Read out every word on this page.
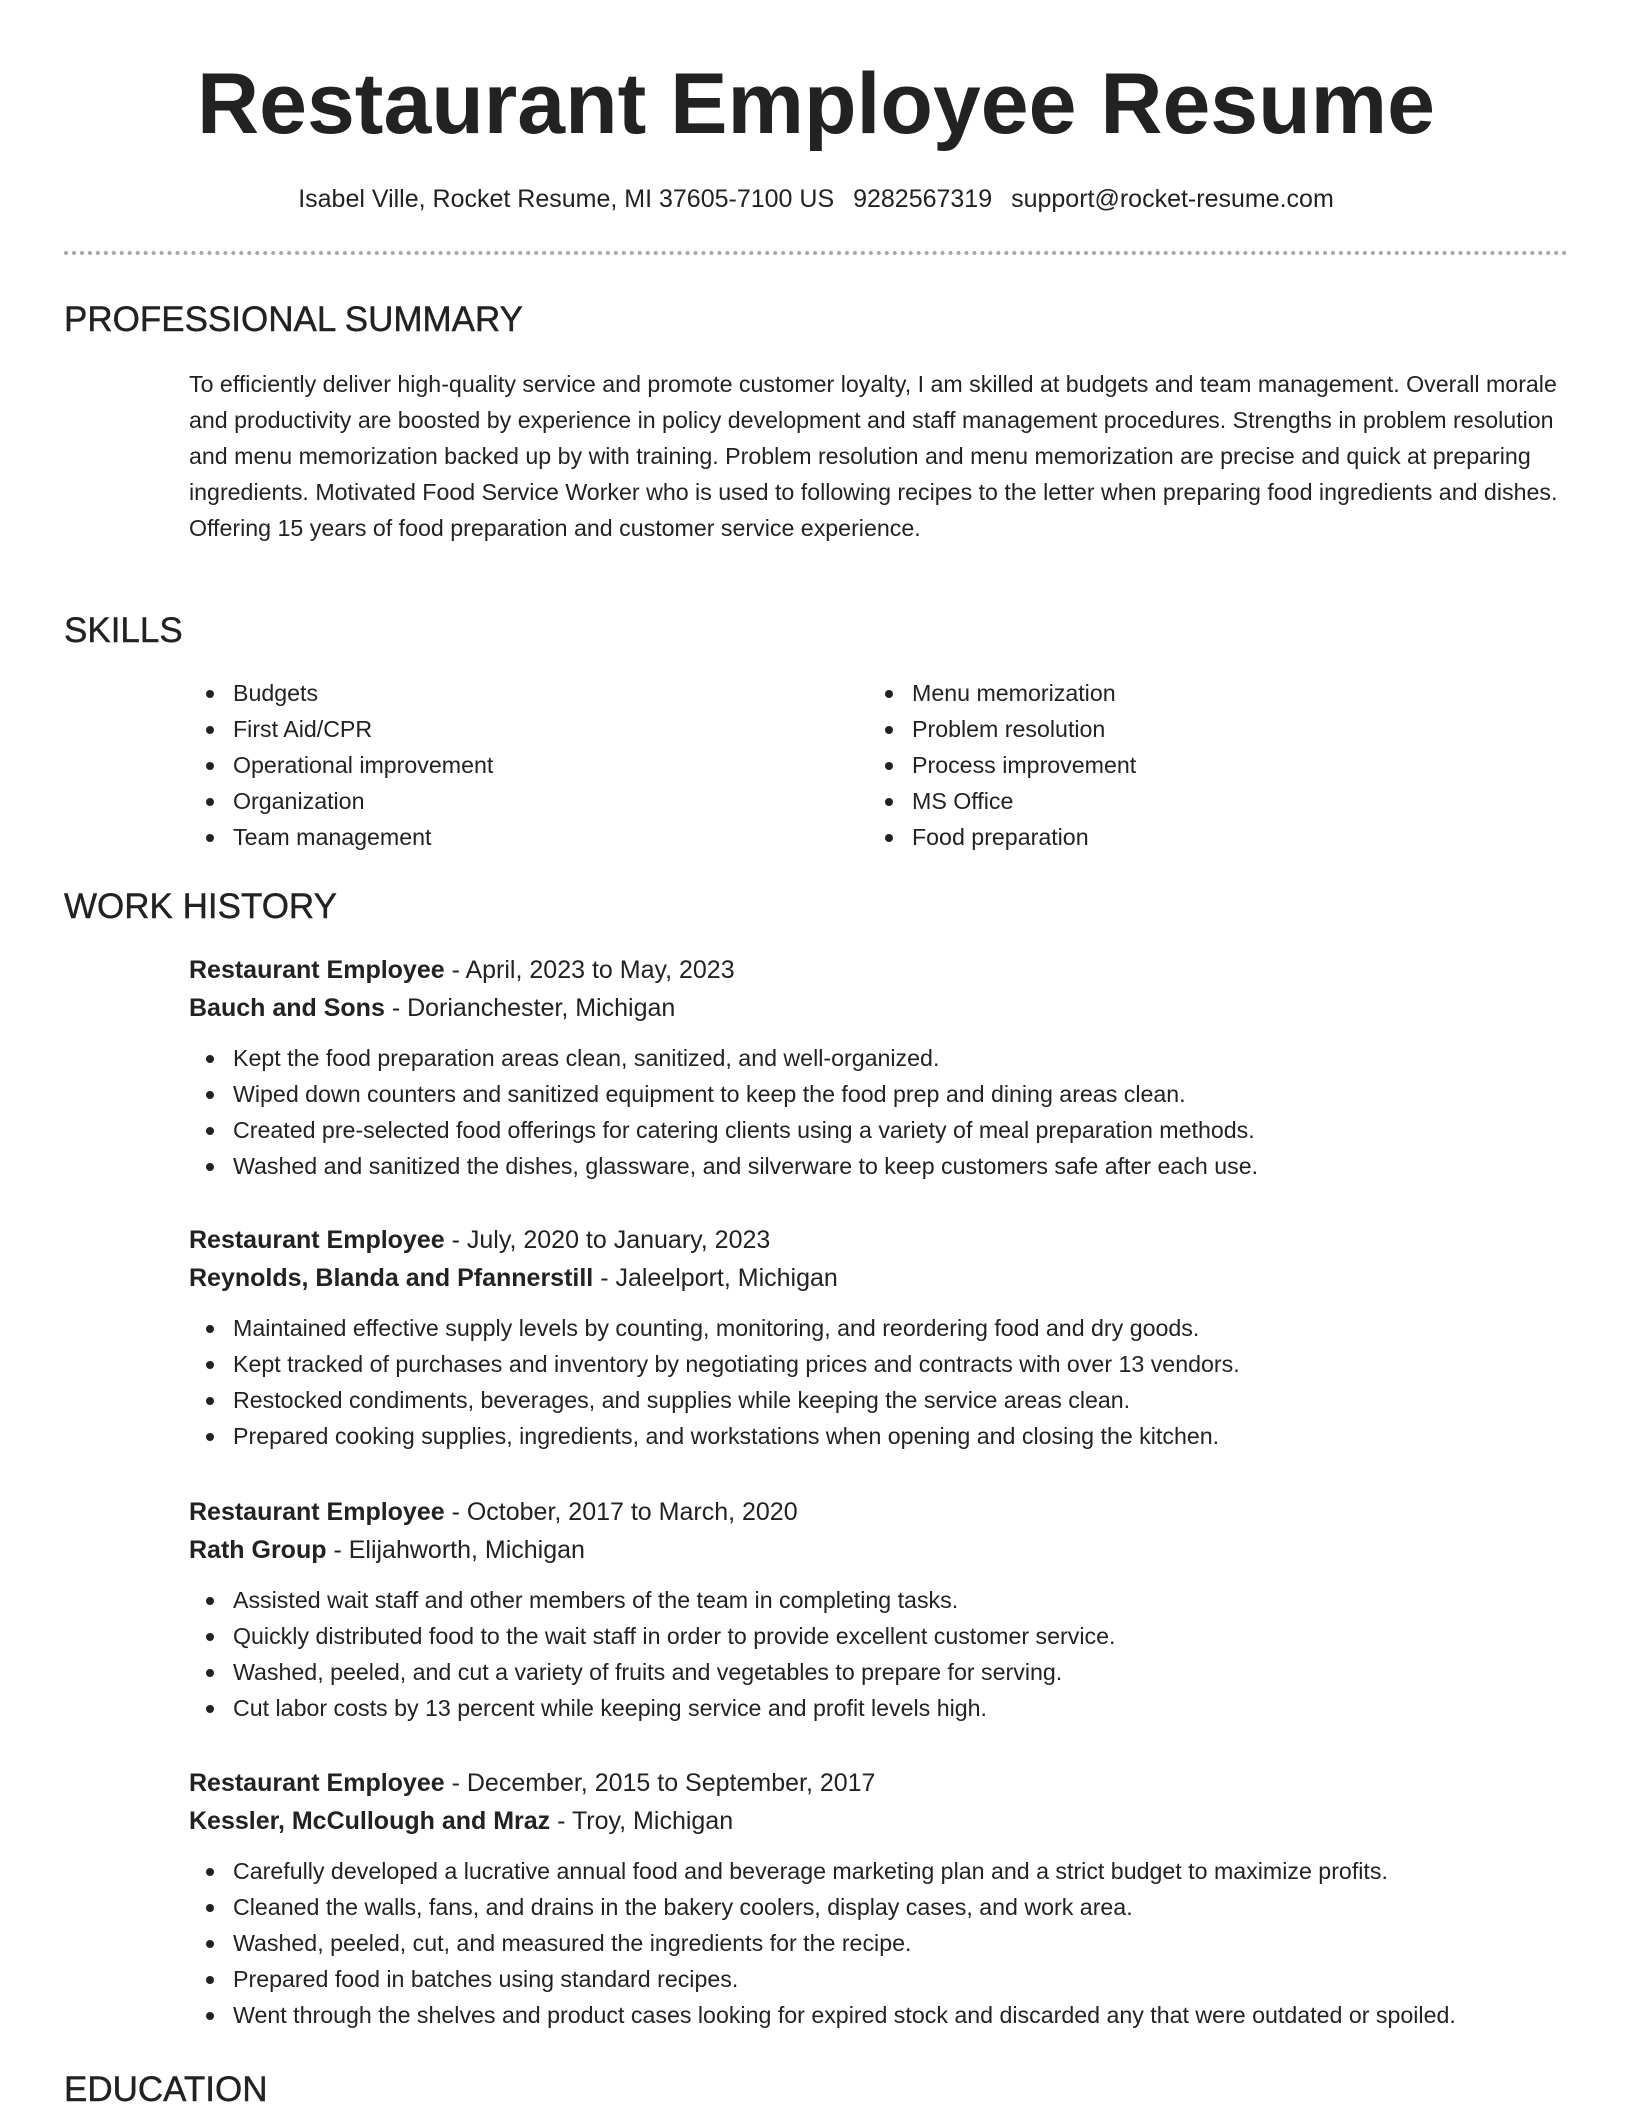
Restaurant Employee Resume
Isabel Ville, Rocket Resume, MI 37605-7100 US 9282567319 support@rocket-resume.com
PROFESSIONAL SUMMARY

To efficiently deliver high-quality service and promote customer loyalty, I am skilled at budgets and team management. Overall morale and productivity are boosted by experience in policy development and staff management procedures. Strengths in problem resolution and menu memorization backed up by with training. Problem resolution and menu memorization are precise and quick at preparing ingredients. Motivated Food Service Worker who is used to following recipes to the letter when preparing food ingredients and dishes. Offering 15 years of food preparation and customer service experience.

SKILLS
Budgets
First Aid/CPR
Operational improvement
Organization
Team management
Menu memorization
Problem resolution
Process improvement
MS Office
Food preparation
WORK HISTORY
Restaurant Employee - April, 2023 to May, 2023
Bauch and Sons - Dorianchester, Michigan
Kept the food preparation areas clean, sanitized, and well-organized.
Wiped down counters and sanitized equipment to keep the food prep and dining areas clean.
Created pre-selected food offerings for catering clients using a variety of meal preparation methods.
Washed and sanitized the dishes, glassware, and silverware to keep customers safe after each use.
Restaurant Employee - July, 2020 to January, 2023
Reynolds, Blanda and Pfannerstill - Jaleelport, Michigan
Maintained effective supply levels by counting, monitoring, and reordering food and dry goods.
Kept tracked of purchases and inventory by negotiating prices and contracts with over 13 vendors.
Restocked condiments, beverages, and supplies while keeping the service areas clean.
Prepared cooking supplies, ingredients, and workstations when opening and closing the kitchen.
Restaurant Employee - October, 2017 to March, 2020
Rath Group - Elijahworth, Michigan
Assisted wait staff and other members of the team in completing tasks.
Quickly distributed food to the wait staff in order to provide excellent customer service.
Washed, peeled, and cut a variety of fruits and vegetables to prepare for serving.
Cut labor costs by 13 percent while keeping service and profit levels high.
Restaurant Employee - December, 2015 to September, 2017
Kessler, McCullough and Mraz - Troy, Michigan
Carefully developed a lucrative annual food and beverage marketing plan and a strict budget to maximize profits.
Cleaned the walls, fans, and drains in the bakery coolers, display cases, and work area.
Washed, peeled, cut, and measured the ingredients for the recipe.
Prepared food in batches using standard recipes.
Went through the shelves and product cases looking for expired stock and discarded any that were outdated or spoiled.
EDUCATION
